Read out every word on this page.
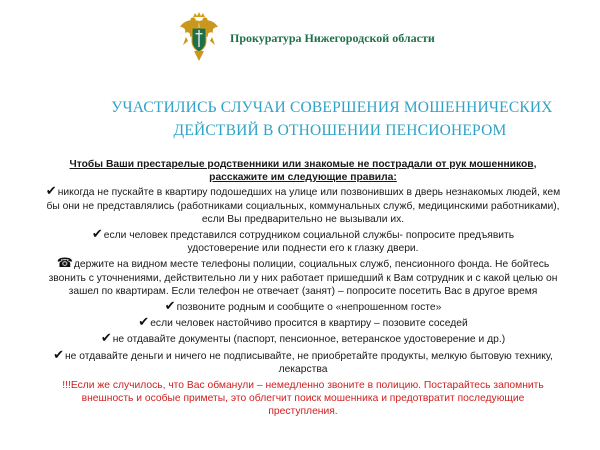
Прокуратура Нижегородской области
УЧАСТИЛИСЬ СЛУЧАИ СОВЕРШЕНИЯ МОШЕННИЧЕСКИХ
ДЕЙСТВИЙ В ОТНОШЕНИИ ПЕНСИОНЕРОМ
Чтобы Ваши престарелые родственники или знакомые не пострадали от рук мошенников,
расскажите им следующие правила:
✔никогда не пускайте в квартиру подошедших на улице или позвонивших в дверь незнакомых людей, кем бы они не представлялись (работниками социальных, коммунальных служб, медицинскими работниками), если Вы предварительно не вызывали их.
✔если человек представился сотрудником социальной службы- попросите предъявить удостоверение или поднести его к глазку двери.
☎держите на видном месте телефоны полиции, социальных служб, пенсионного фонда. Не бойтесь звонить с уточнениями, действительно ли у них работает пришедший к Вам сотрудник и с какой целью он зашел по квартирам. Если телефон не отвечает (занят) – попросите посетить Вас в другое время
✔позвоните родным и сообщите о «непрошенном госте»
✔если человек настойчиво просится в квартиру – позовите соседей
✔не отдавайте документы (паспорт, пенсионное, ветеранское удостоверение и др.)
✔не отдавайте деньги и ничего не подписывайте, не приобретайте продукты, мелкую бытовую технику, лекарства
!!!Если же случилось, что Вас обманули – немедленно звоните в полицию. Постарайтесь запомнить внешность и особые приметы, это облегчит поиск мошенника и предотвратит последующие преступления.
